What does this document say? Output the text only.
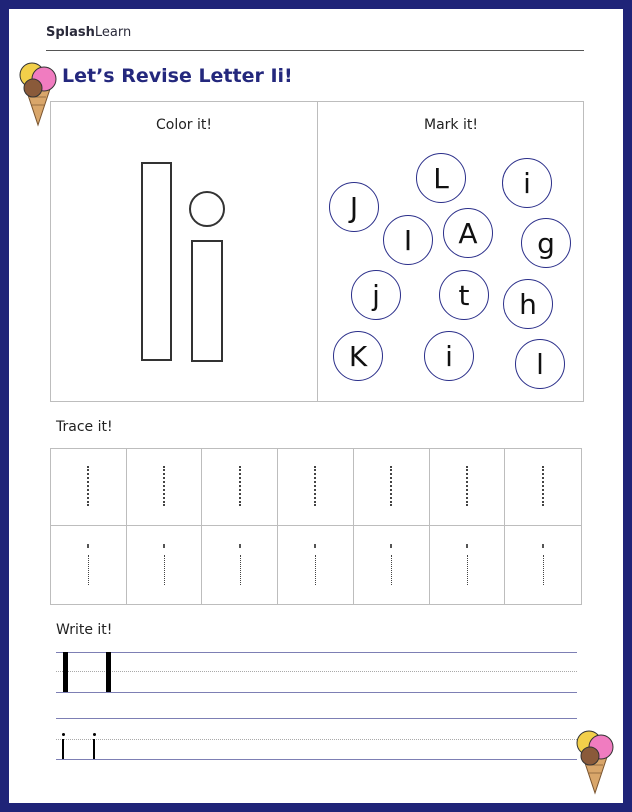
SplashLearn
Let’s Revise Letter Ii!
Color it!	Mark it!
L	i
J
I	A	g
j	t	h
K	i	l
Trace it!
Write it!
